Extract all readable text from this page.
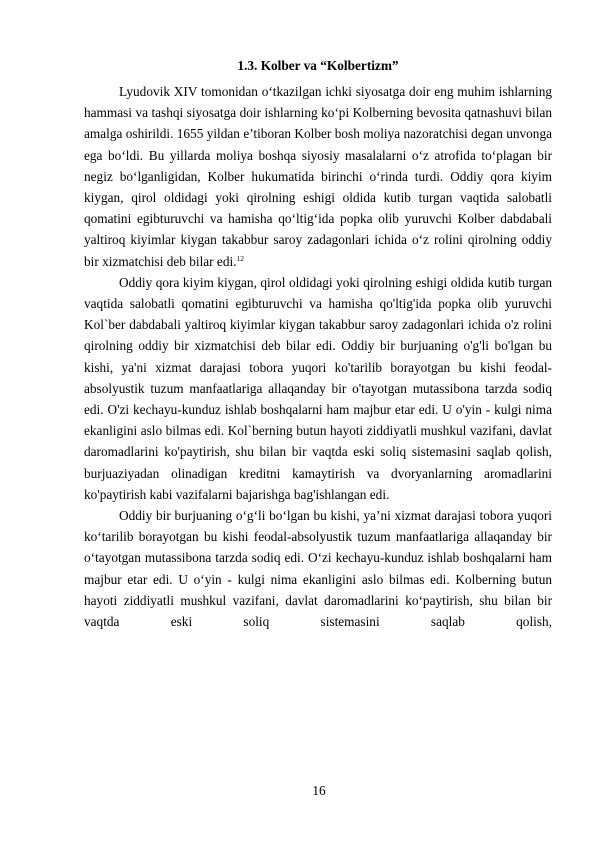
1.3. Kolber va “Kolbertizm”

Lyudovik XIV tomonidan o‘tkazilgan ichki siyosatga doir eng muhim ishlarning hammasi va tashqi siyosatga doir ishlarning ko‘pi Kolberning bevosita qatnashuvi bilan amalga oshirildi. 1655 yildan e’tiboran Kolber bosh moliya nazoratchisi degan unvonga ega bo‘ldi. Bu yillarda moliya boshqa siyosiy masalalarni o‘z atrofida to‘plagan bir negiz bo‘lganligidan, Kolber hukumatida birinchi o‘rinda turdi. Oddiy qora kiyim kiygan, qirol oldidagi yoki qirolning eshigi oldida kutib turgan vaqtida salobatli qomatini egibturuvchi va hamisha qo‘ltig‘ida popka olib yuruvchi Kolber dabdabali yaltiroq kiyimlar kiygan takabbur saroy zadagonlari ichida o‘z rolini qirolning oddiy bir xizmatchisi deb bilar edi.$^{12}$

Oddiy qora kiyim kiygan, qirol oldidagi yoki qirolning eshigi oldida kutib turgan vaqtida salobatli qomatini egibturuvchi va hamisha qo'ltig'ida popka olib yuruvchi Kol`ber dabdabali yaltiroq kiyimlar kiygan takabbur saroy zadagonlari ichida o'z rolini qirolning oddiy bir xizmatchisi deb bilar edi. Oddiy bir burjuaning o'g'li bo'lgan bu kishi, ya'ni xizmat darajasi tobora yuqori ko'tarilib borayotgan bu kishi feodal-absolyustik tuzum manfaatlariga allaqanday bir o'tayotgan mutassibona tarzda sodiq edi. O'zi kechayu-kunduz ishlab boshqalarni ham majbur etar edi. U o'yin - kulgi nima ekanligini aslo bilmas edi. Kol`berning butun hayoti ziddiyatli mushkul vazifani, davlat daromadlarini ko'paytirish, shu bilan bir vaqtda eski soliq sistemasini saqlab qolish, burjuaziyadan olinadigan kreditni kamaytirish va dvoryanlarning aromadlarini ko'paytirish kabi vazifalarni bajarishga bag'ishlangan edi.

Oddiy bir burjuaning o‘g‘li bo‘lgan bu kishi, ya’ni xizmat darajasi tobora yuqori ko‘tarilib borayotgan bu kishi feodal-absolyustik tuzum manfaatlariga allaqanday bir o‘tayotgan mutassibona tarzda sodiq edi. O‘zi kechayu-kunduz ishlab boshqalarni ham majbur etar edi. U o‘yin - kulgi nima ekanligini aslo bilmas edi. Kolberning butun hayoti ziddiyatli mushkul vazifani, davlat daromadlarini ko‘paytirish, shu bilan bir vaqtda eski soliq sistemasini saqlab qolish,

16
